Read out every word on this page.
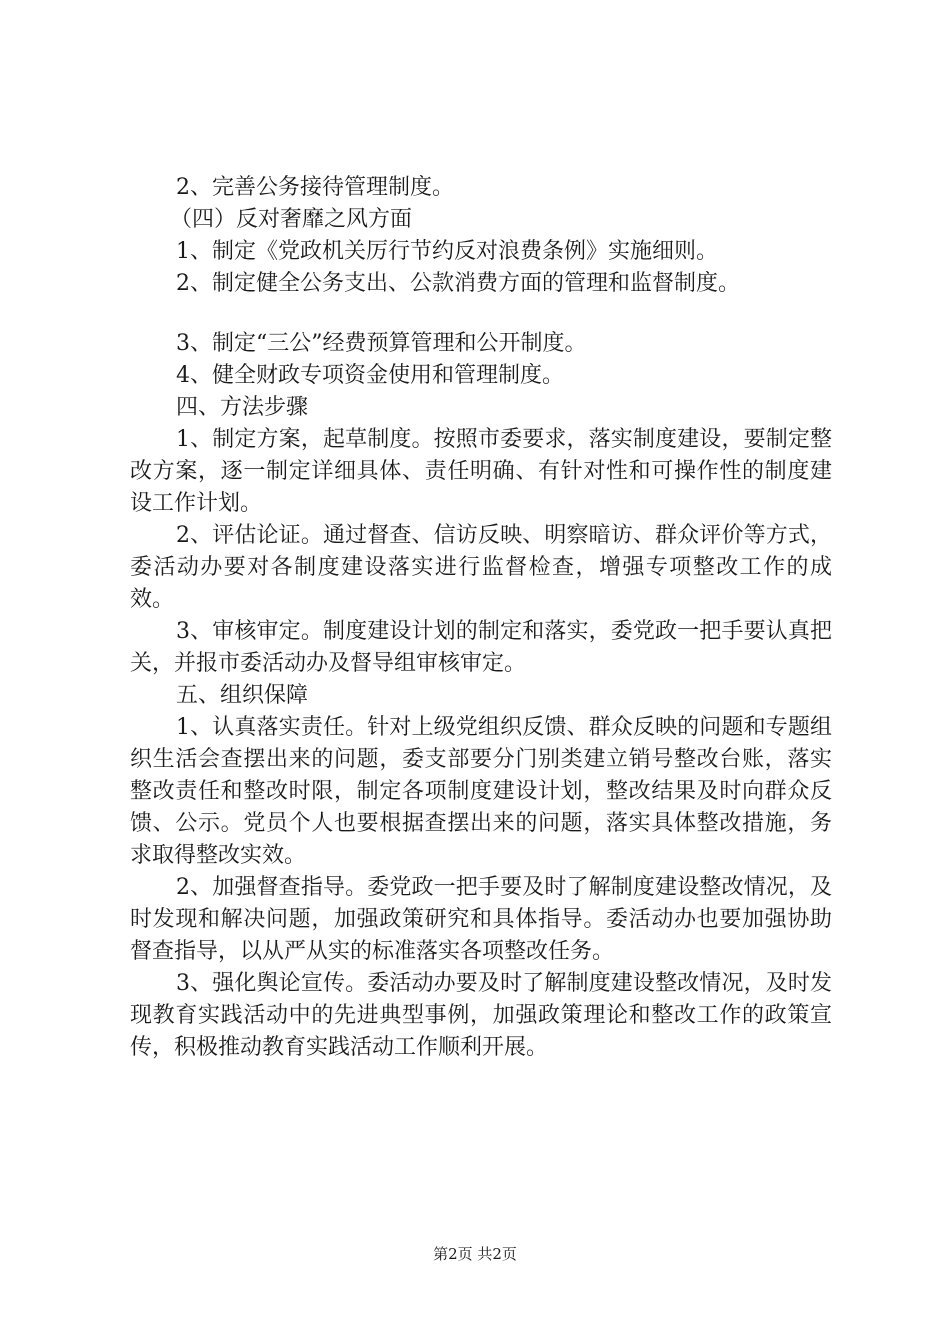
2、完善公务接待管理制度。

（四）反对奢靡之风方面

1、制定《党政机关厉行节约反对浪费条例》实施细则。

2、制定健全公务支出、公款消费方面的管理和监督制度。

3、制定“三公”经费预算管理和公开制度。

4、健全财政专项资金使用和管理制度。

四、方法步骤

1、制定方案，起草制度。按照市委要求，落实制度建设，要制定整改方案，逐一制定详细具体、责任明确、有针对性和可操作性的制度建设工作计划。

2、评估论证。通过督查、信访反映、明察暗访、群众评价等方式，委活动办要对各制度建设落实进行监督检查，增强专项整改工作的成效。

3、审核审定。制度建设计划的制定和落实，委党政一把手要认真把关，并报市委活动办及督导组审核审定。

五、组织保障

1、认真落实责任。针对上级党组织反馈、群众反映的问题和专题组织生活会查摆出来的问题，委支部要分门别类建立销号整改台账，落实整改责任和整改时限，制定各项制度建设计划，整改结果及时向群众反馈、公示。党员个人也要根据查摆出来的问题，落实具体整改措施，务求取得整改实效。

2、加强督查指导。委党政一把手要及时了解制度建设整改情况，及时发现和解决问题，加强政策研究和具体指导。委活动办也要加强协助督查指导，以从严从实的标准落实各项整改任务。

3、强化舆论宣传。委活动办要及时了解制度建设整改情况，及时发现教育实践活动中的先进典型事例，加强政策理论和整改工作的政策宣传，积极推动教育实践活动工作顺利开展。

第2页 共2页
